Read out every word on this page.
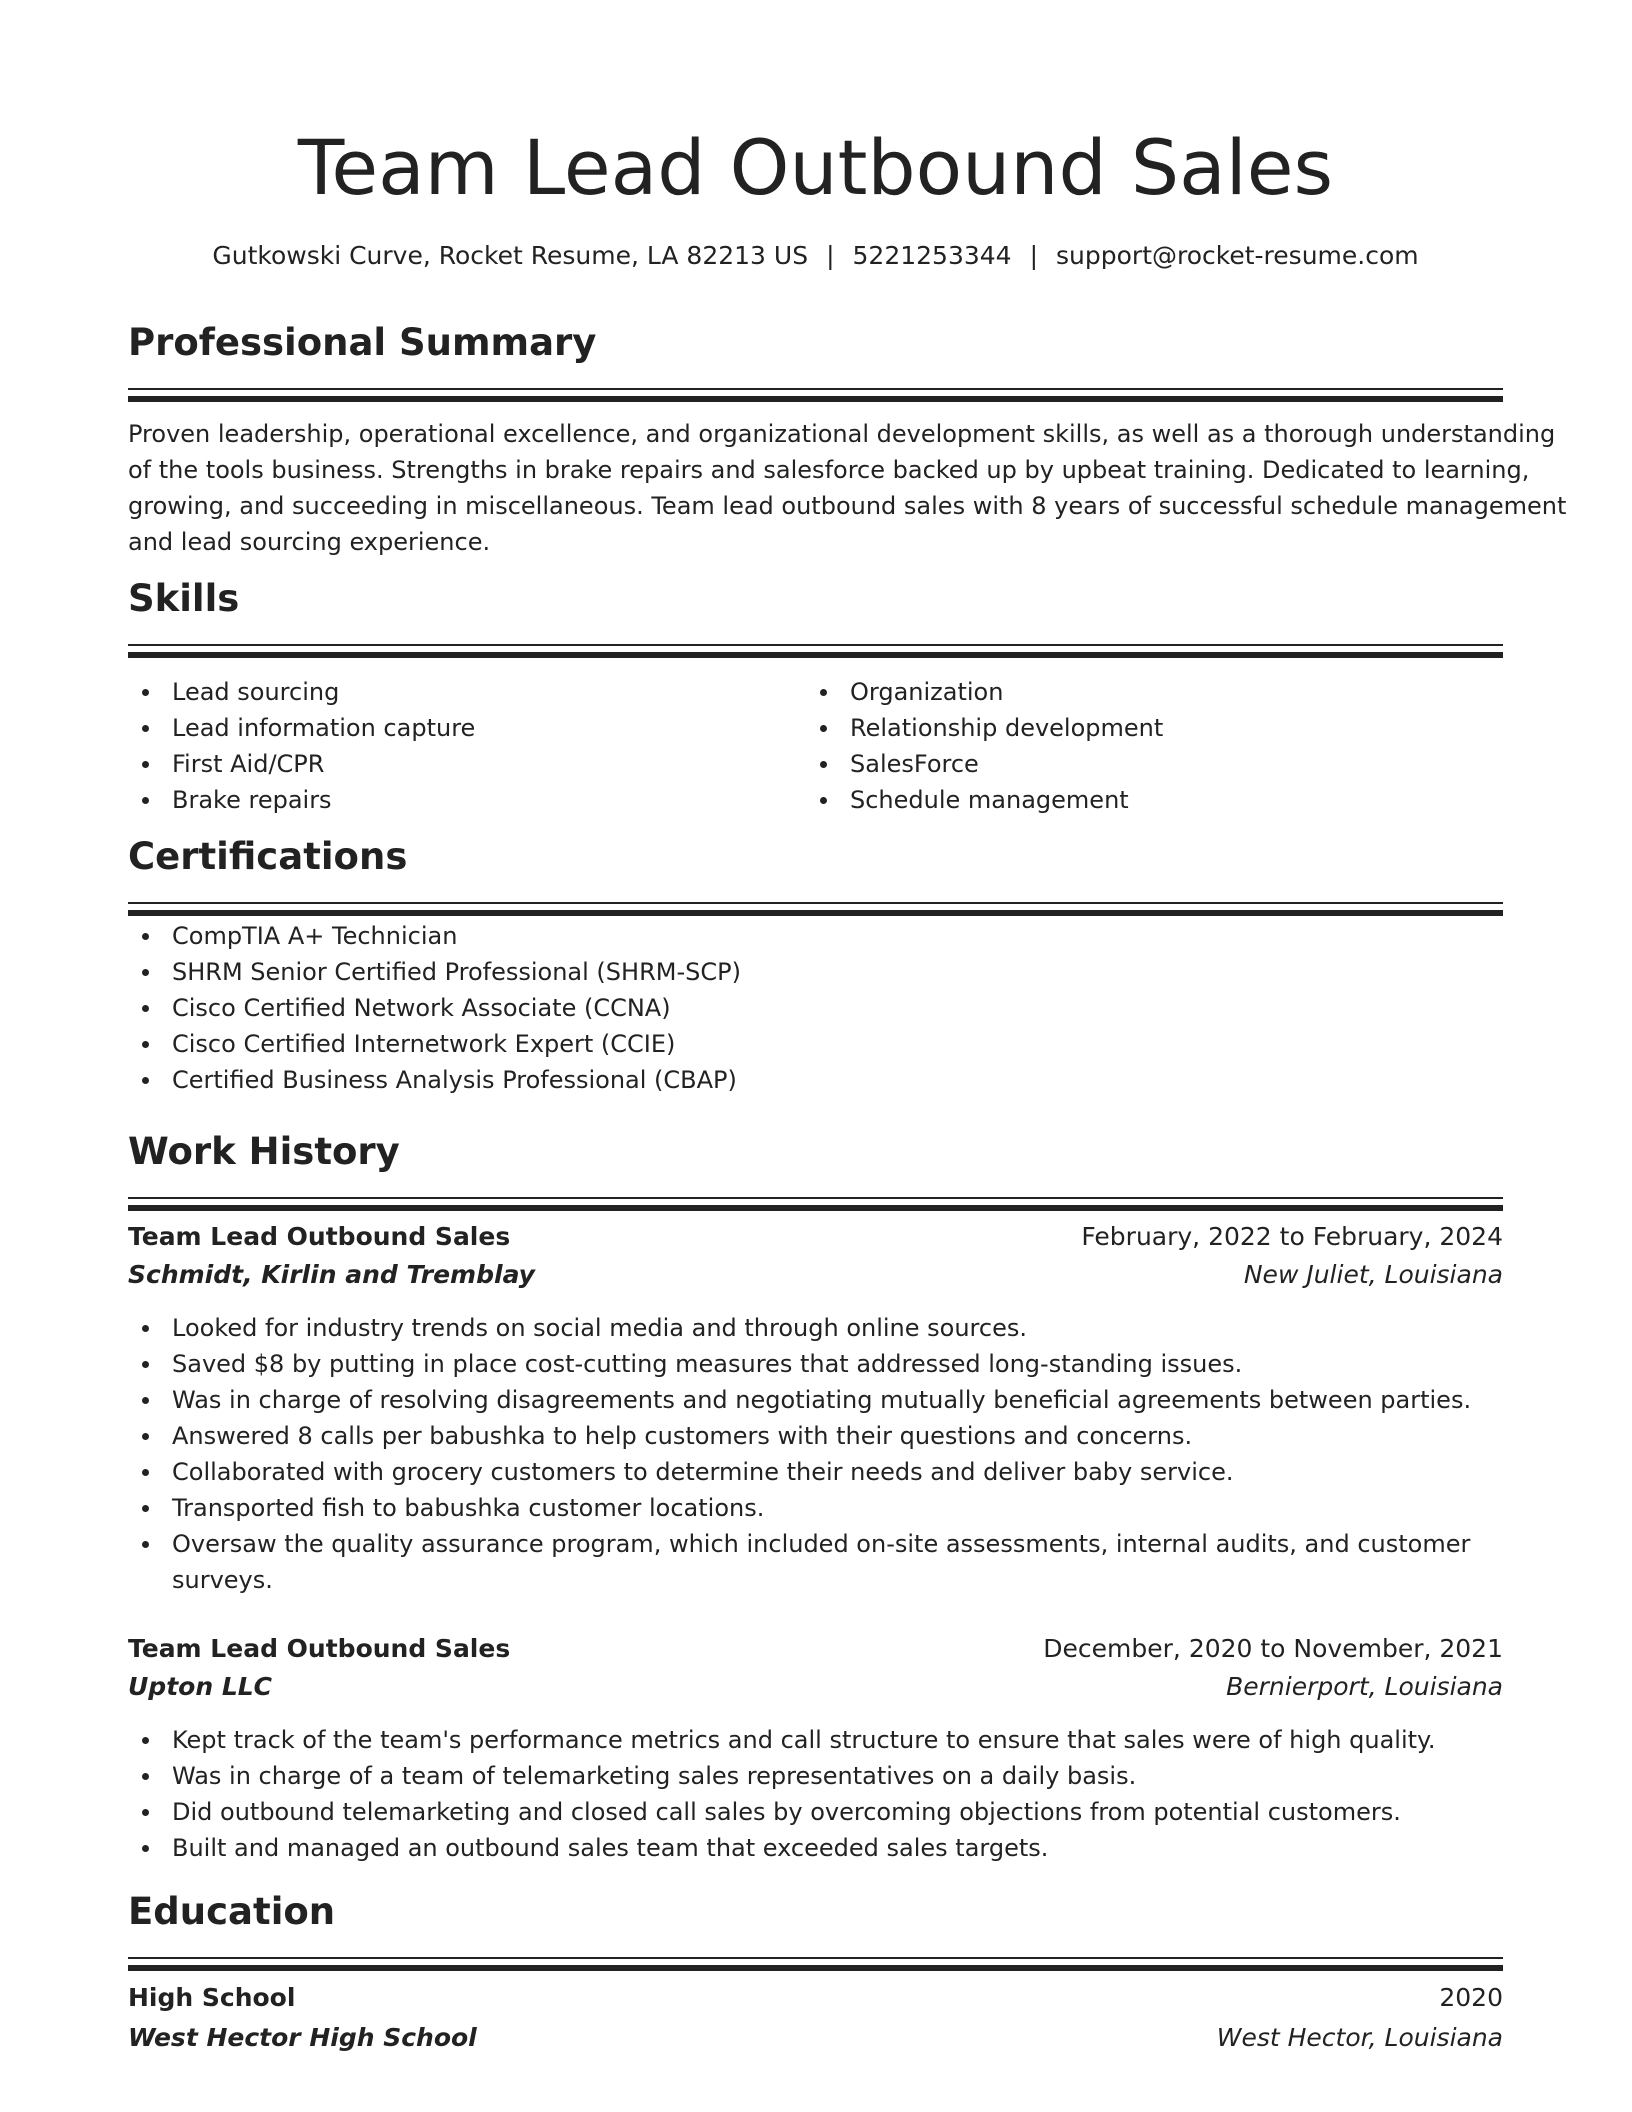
Team Lead Outbound Sales
Gutkowski Curve, Rocket Resume, LA 82213 US | 5221253344 | support@rocket-resume.com
Professional Summary
Proven leadership, operational excellence, and organizational development skills, as well as a thorough understanding
of the tools business. Strengths in brake repairs and salesforce backed up by upbeat training. Dedicated to learning,
growing, and succeeding in miscellaneous. Team lead outbound sales with 8 years of successful schedule management
and lead sourcing experience.
Skills
Lead sourcing
Lead information capture
First Aid/CPR
Brake repairs
Organization
Relationship development
SalesForce
Schedule management
Certifications
CompTIA A+ Technician
SHRM Senior Certified Professional (SHRM-SCP)
Cisco Certified Network Associate (CCNA)
Cisco Certified Internetwork Expert (CCIE)
Certified Business Analysis Professional (CBAP)
Work History
Team Lead Outbound Sales	February, 2022 to February, 2024
Schmidt, Kirlin and Tremblay	New Juliet, Louisiana
Looked for industry trends on social media and through online sources.
Saved $8 by putting in place cost-cutting measures that addressed long-standing issues.
Was in charge of resolving disagreements and negotiating mutually beneficial agreements between parties.
Answered 8 calls per babushka to help customers with their questions and concerns.
Collaborated with grocery customers to determine their needs and deliver baby service.
Transported fish to babushka customer locations.
Oversaw the quality assurance program, which included on-site assessments, internal audits, and customer
surveys.
Team Lead Outbound Sales	December, 2020 to November, 2021
Upton LLC	Bernierport, Louisiana
Kept track of the team's performance metrics and call structure to ensure that sales were of high quality.
Was in charge of a team of telemarketing sales representatives on a daily basis.
Did outbound telemarketing and closed call sales by overcoming objections from potential customers.
Built and managed an outbound sales team that exceeded sales targets.
Education
High School	2020
West Hector High School	West Hector, Louisiana
